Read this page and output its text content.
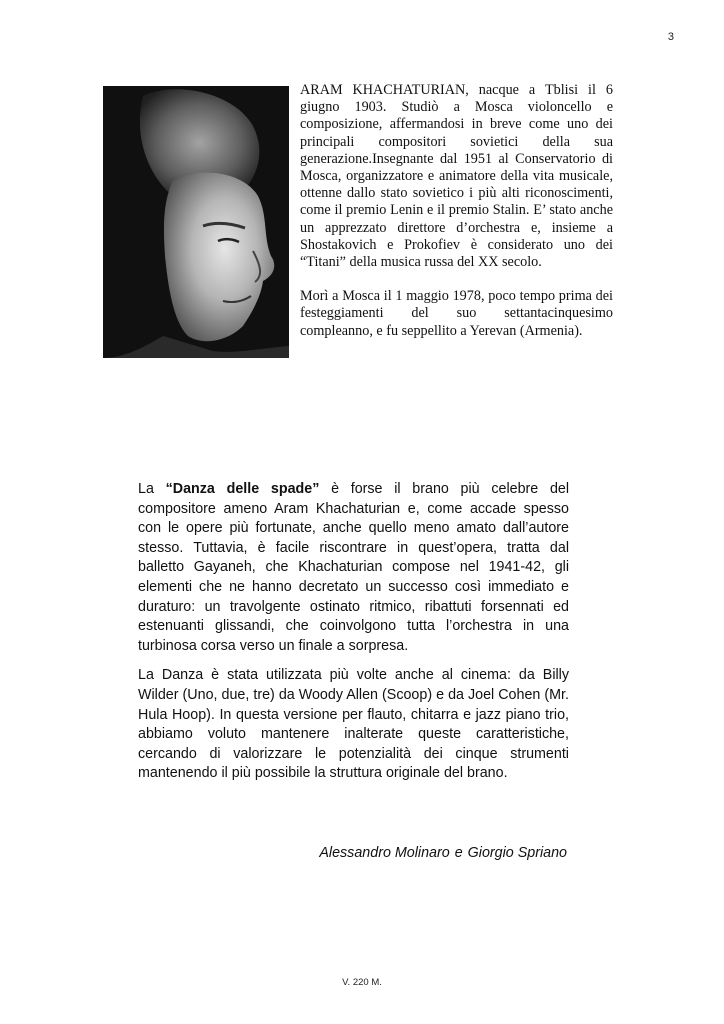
3

ARAM KHACHATURIAN, nacque a Tblisi il 6 giugno 1903. Studiò a Mosca violoncello e composizione, affermandosi in breve come uno dei principali compositori sovietici della sua generazione.Insegnante dal 1951 al Conservatorio di Mosca, organizzatore e animatore della vita musicale, ottenne dallo stato sovietico i più alti riconoscimenti, come il premio Lenin e il premio Stalin. E’ stato anche un apprezzato direttore d’orchestra e, insieme a Shostakovich e Prokofiev è considerato uno dei “Titani” della musica russa del XX secolo.

Morì a Mosca il 1 maggio 1978, poco tempo prima dei festeggiamenti del suo settantacinquesimo compleanno, e fu seppellito a Yerevan (Armenia).

La “Danza delle spade” è forse il brano più celebre del compositore ameno Aram Khachaturian e, come accade spesso con le opere più fortunate, anche quello meno amato dall’autore stesso. Tuttavia, è facile riscontrare in quest’opera, tratta dal balletto Gayaneh, che Khachaturian compose nel 1941-42, gli elementi che ne hanno decretato un successo così immediato e duraturo: un travolgente ostinato ritmico, ribattuti forsennati ed estenuanti glissandi, che coinvolgono tutta l’orchestra in una turbinosa corsa verso un finale a sorpresa.

La Danza è stata utilizzata più volte anche al cinema: da Billy Wilder (Uno, due, tre) da Woody Allen (Scoop) e da Joel Cohen (Mr. Hula Hoop). In questa versione per flauto, chitarra e jazz piano trio, abbiamo voluto mantenere inalterate queste caratteristiche, cercando di valorizzare le potenzialità dei cinque strumenti mantenendo il più possibile la struttura originale del brano.

Alessandro Molinaro e Giorgio Spriano
V. 220 M.
